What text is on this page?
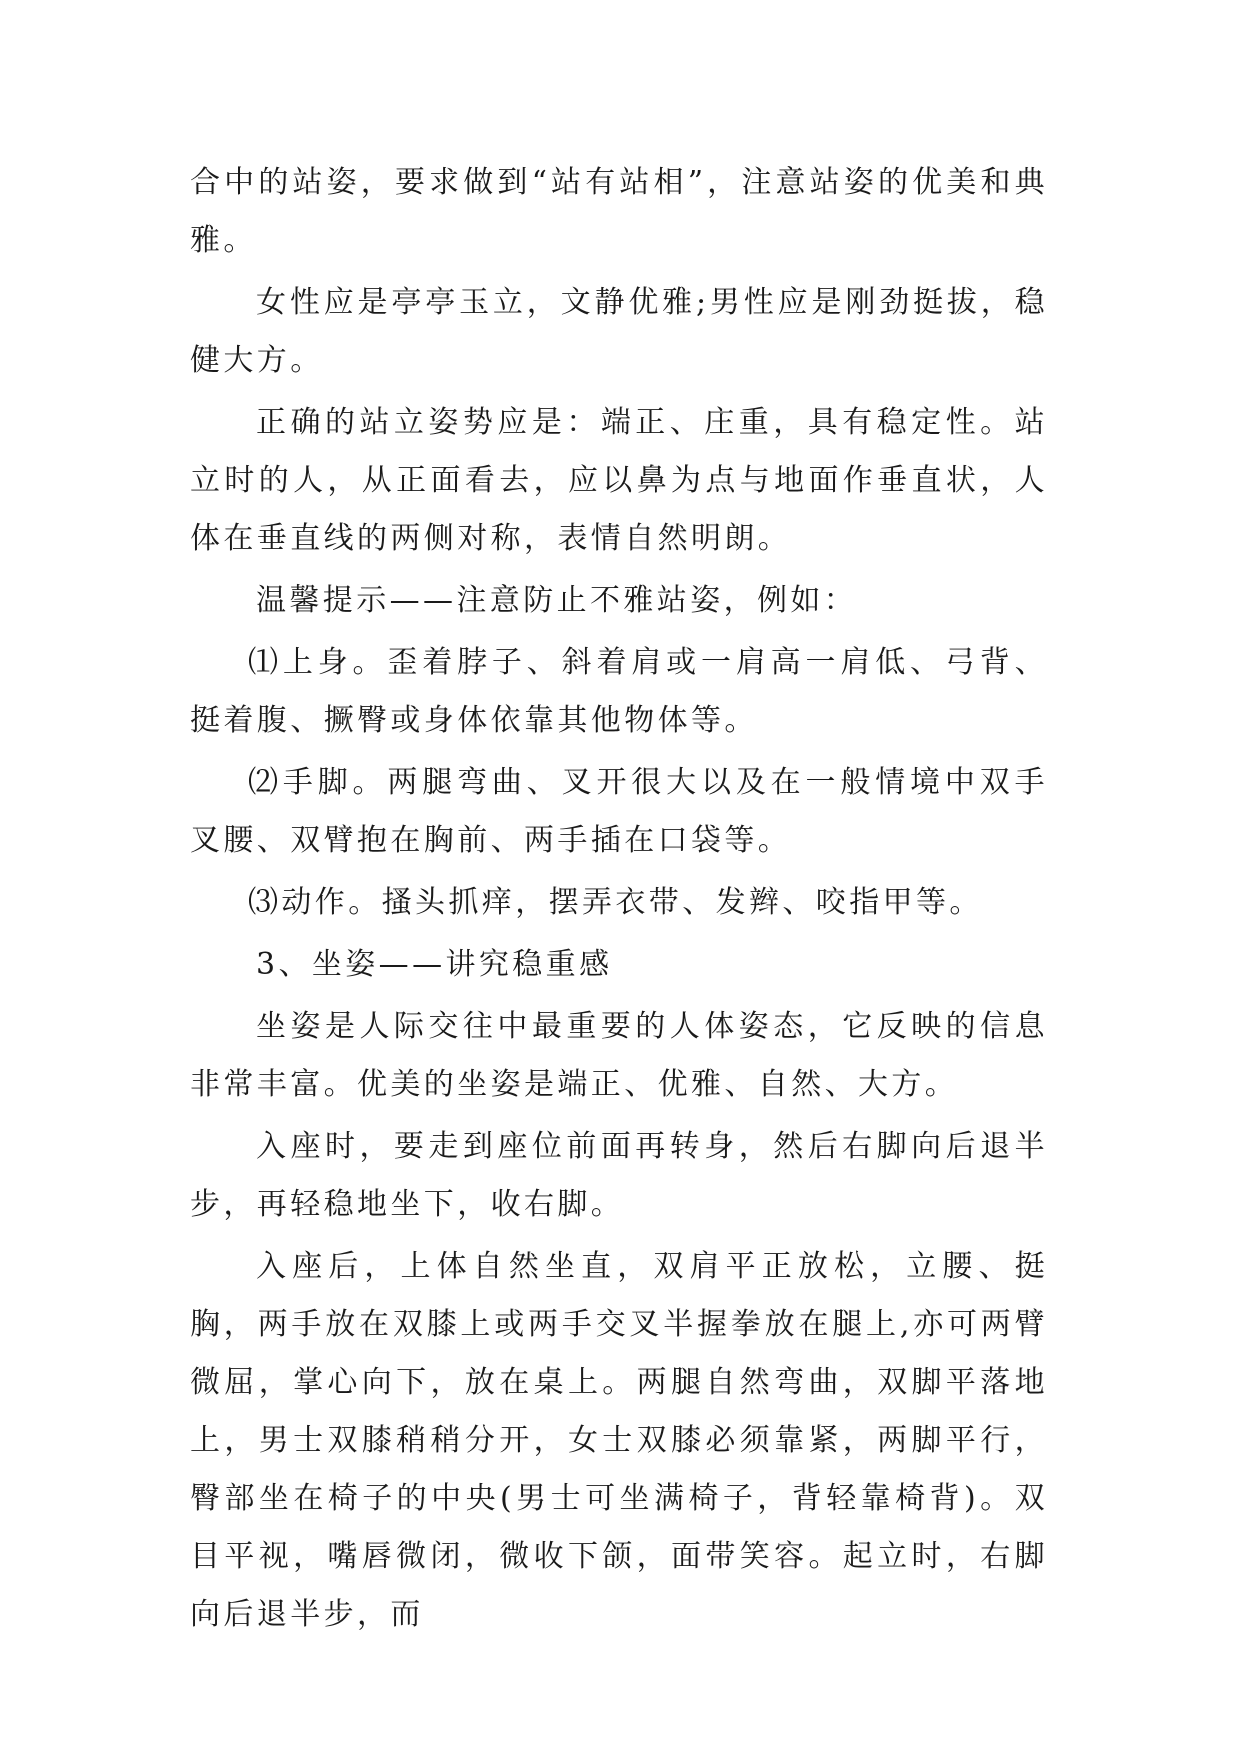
合中的站姿，要求做到“站有站相”，注意站姿的优美和典雅。

女性应是亭亭玉立，文静优雅;男性应是刚劲挺拔，稳健大方。

正确的站立姿势应是：端正、庄重，具有稳定性。站立时的人，从正面看去，应以鼻为点与地面作垂直状，人体在垂直线的两侧对称，表情自然明朗。

温馨提示——注意防止不雅站姿，例如：

⑴上身。歪着脖子、斜着肩或一肩高一肩低、弓背、挺着腹、撅臀或身体依靠其他物体等。

⑵手脚。两腿弯曲、叉开很大以及在一般情境中双手叉腰、双臂抱在胸前、两手插在口袋等。

⑶动作。搔头抓痒，摆弄衣带、发辫、咬指甲等。

3、坐姿——讲究稳重感

坐姿是人际交往中最重要的人体姿态，它反映的信息非常丰富。优美的坐姿是端正、优雅、自然、大方。

入座时，要走到座位前面再转身，然后右脚向后退半步，再轻稳地坐下，收右脚。

入座后，上体自然坐直，双肩平正放松，立腰、挺胸，两手放在双膝上或两手交叉半握拳放在腿上,亦可两臂微屈，掌心向下，放在桌上。两腿自然弯曲，双脚平落地上，男士双膝稍稍分开，女士双膝必须靠紧，两脚平行，臀部坐在椅子的中央(男士可坐满椅子，背轻靠椅背)。双目平视，嘴唇微闭，微收下颌，面带笑容。起立时，右脚向后退半步，而
